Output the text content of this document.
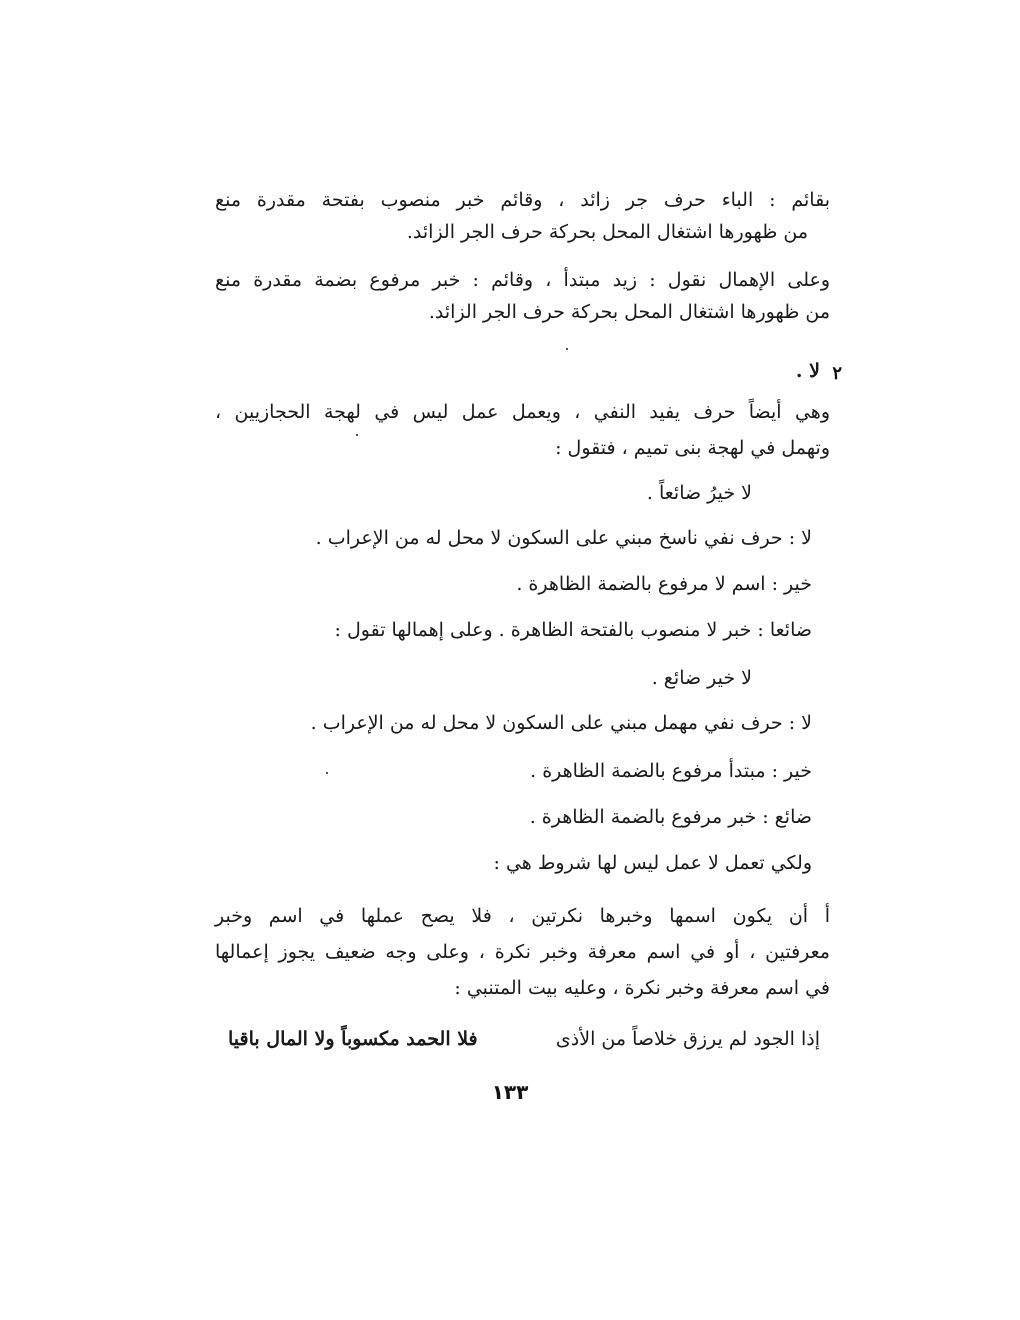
بقائم : الباء حرف جر زائد ، وقائم خبر منصوب بفتحة مقدرة منع
من ظهورها اشتغال المحل بحركة حرف الجر الزائد.
وعلى الإهمال نقول : زيد مبتدأ ، وقائم : خبر مرفوع بضمة مقدرة منع
من ظهورها اشتغال المحل بحركة حرف الجر الزائد.
٢
لا .
وهي أيضاً حرف يفيد النفي ، ويعمل عمل ليس في لهجة الحجازيين ،
وتهمل في لهجة بنى تميم ، فتقول :
لا خيرُ ضائعاً .
لا : حرف نفي ناسخ مبني على السكون لا محل له من الإعراب .
خير : اسم لا مرفوع بالضمة الظاهرة .
ضائعا : خبر لا منصوب بالفتحة الظاهرة . وعلى إهمالها تقول :
لا خير ضائع .
لا : حرف نفي مهمل مبني على السكون لا محل له من الإعراب .
خير : مبتدأ مرفوع بالضمة الظاهرة .
ضائع : خبر مرفوع بالضمة الظاهرة .
ولكي تعمل لا عمل ليس لها شروط هي :
أ أن يكون اسمها وخبرها نكرتين ، فلا يصح عملها في اسم وخبر
معرفتين ، أو في اسم معرفة وخبر نكرة ، وعلى وجه ضعيف يجوز إعمالها
في اسم معرفة وخبر نكرة ، وعليه بيت المتنبي :
إذا الجود لم يرزق خلاصاً من الأذى
فلا الحمد مكسوباً ولا المال باقيا
١٣٣
